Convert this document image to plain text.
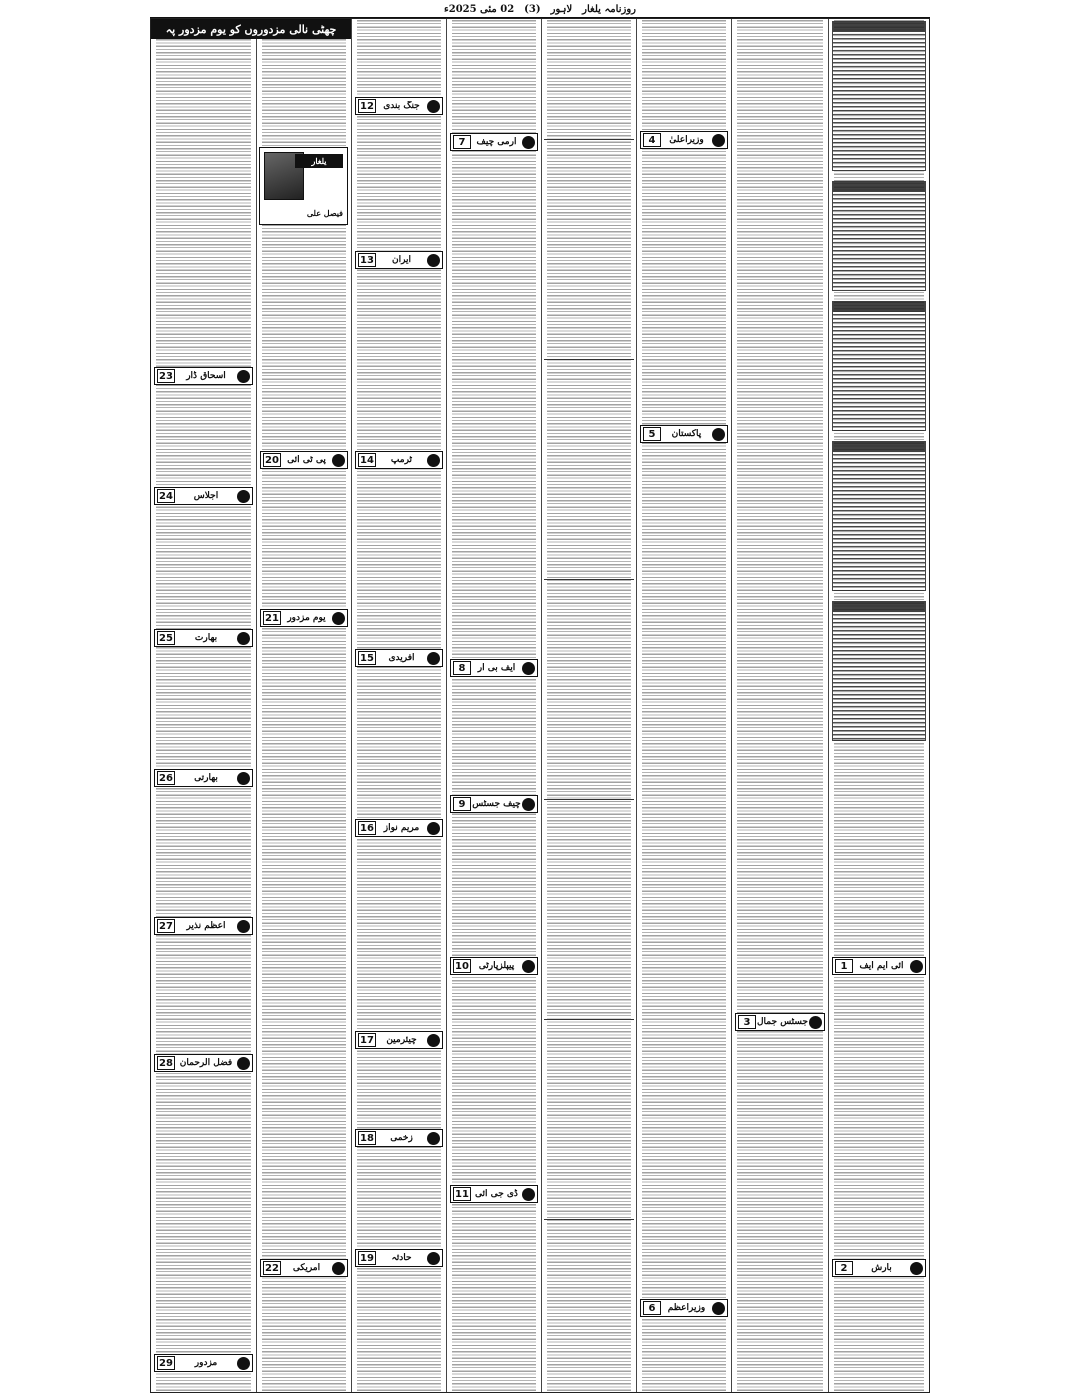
روزنامہ یلغار
لاہور
(3)
02 مئی 2025ء
اسحاق ڈار
23
اجلاس
24
بھارت
25
بھارتی
26
اعظم نذیر
27
فضل الرحمان
28
مزدور
29
پی ٹی آئی
20
یوم مزدور
21
امریکی
22
چھٹی نالی مزدوروں کو یوم مزدور پہ
یلغار
فیصل علی
جنگ بندی
12
ایران
13
ٹرمپ
14
آفریدی
15
مریم نواز
16
چیئرمین
17
زخمی
18
حادثہ
19
آرمی چیف
7
ایف بی آر
8
چیف جسٹس
9
پیپلزپارٹی
10
ڈی جی آئی
11
وزیراعلیٰ
4
پاکستان
5
وزیراعظم
6
جسٹس جمال
3
آئی ایم ایف
1
بارش
2
